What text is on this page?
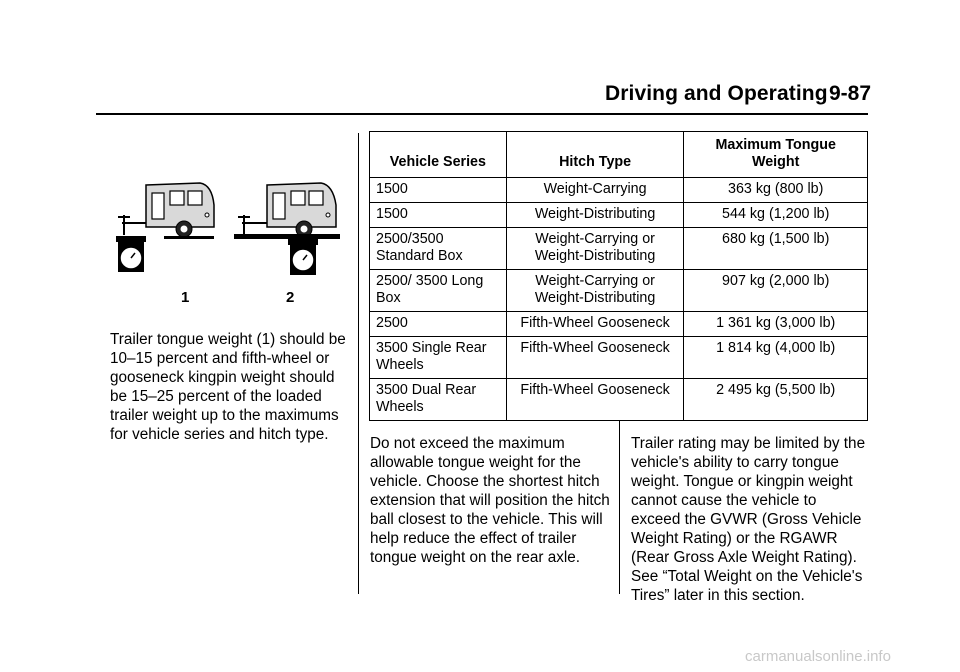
Driving and Operating 9-87
1	2

Trailer tongue weight (1) should be 10–15 percent and fifth-wheel or gooseneck kingpin weight should be 15–25 percent of the loaded trailer weight up to the maximums for vehicle series and hitch type.

Vehicle Series	Hitch Type	Maximum Tongue Weight
1500	Weight-Carrying	363 kg (800 lb)
1500	Weight-Distributing	544 kg (1,200 lb)
2500/3500 Standard Box	Weight-Carrying or Weight-Distributing	680 kg (1,500 lb)
2500/ 3500 Long Box	Weight-Carrying or Weight-Distributing	907 kg (2,000 lb)
2500	Fifth-Wheel Gooseneck	1 361 kg (3,000 lb)
3500 Single Rear Wheels	Fifth-Wheel Gooseneck	1 814 kg (4,000 lb)
3500 Dual Rear Wheels	Fifth-Wheel Gooseneck	2 495 kg (5,500 lb)

Do not exceed the maximum allowable tongue weight for the vehicle. Choose the shortest hitch extension that will position the hitch ball closest to the vehicle. This will help reduce the effect of trailer tongue weight on the rear axle.

Trailer rating may be limited by the vehicle's ability to carry tongue weight. Tongue or kingpin weight cannot cause the vehicle to exceed the GVWR (Gross Vehicle Weight Rating) or the RGAWR (Rear Gross Axle Weight Rating). See “Total Weight on the Vehicle's Tires” later in this section.

carmanualsonline.info
